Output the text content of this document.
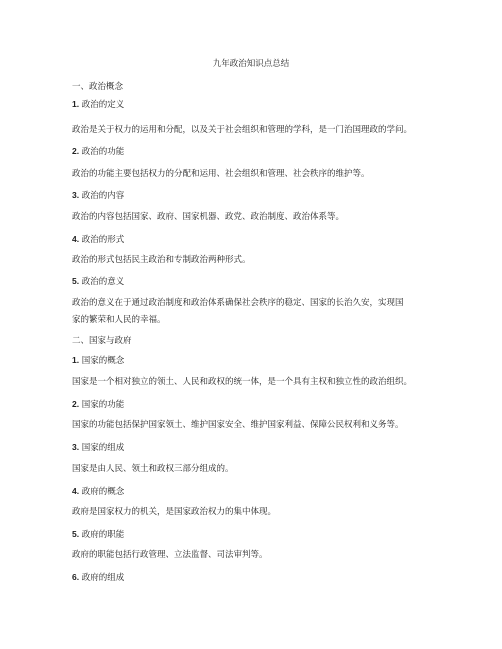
九年政治知识点总结
一、政治概念
1. 政治的定义
政治是关于权力的运用和分配，以及关于社会组织和管理的学科，是一门治国理政的学问。
2. 政治的功能
政治的功能主要包括权力的分配和运用、社会组织和管理、社会秩序的维护等。
3. 政治的内容
政治的内容包括国家、政府、国家机器、政党、政治制度、政治体系等。
4. 政治的形式
政治的形式包括民主政治和专制政治两种形式。
5. 政治的意义
政治的意义在于通过政治制度和政治体系确保社会秩序的稳定、国家的长治久安，实现国
家的繁荣和人民的幸福。
二、国家与政府
1. 国家的概念
国家是一个相对独立的领土、人民和政权的统一体，是一个具有主权和独立性的政治组织。
2. 国家的功能
国家的功能包括保护国家领土、维护国家安全、维护国家利益、保障公民权利和义务等。
3. 国家的组成
国家是由人民、领土和政权三部分组成的。
4. 政府的概念
政府是国家权力的机关，是国家政治权力的集中体现。
5. 政府的职能
政府的职能包括行政管理、立法监督、司法审判等。
6. 政府的组成
